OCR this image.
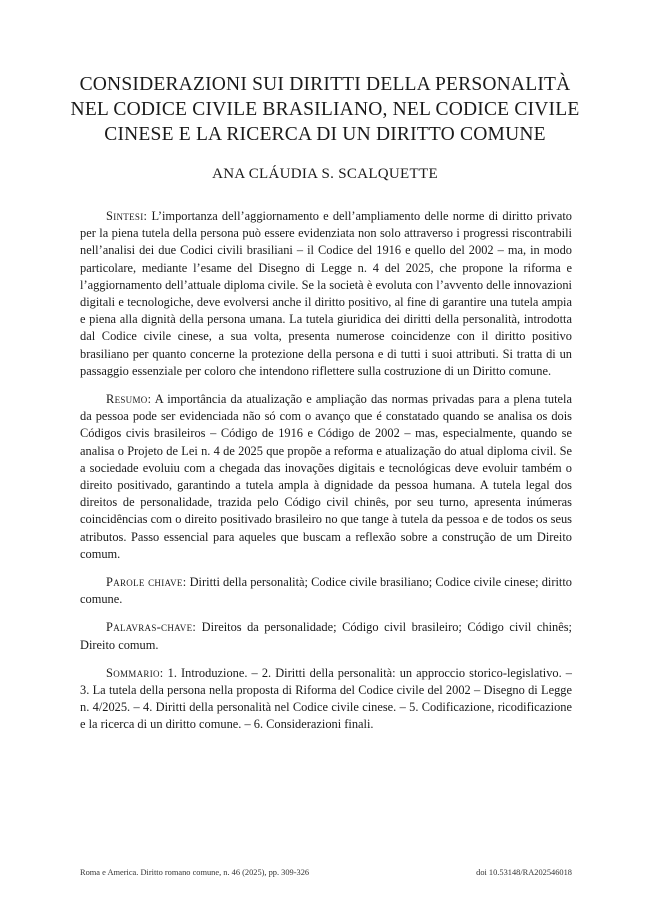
CONSIDERAZIONI SUI DIRITTI DELLA PERSONALITÀ NEL CODICE CIVILE BRASILIANO, NEL CODICE CIVILE CINESE E LA RICERCA DI UN DIRITTO COMUNE
ANA CLÁUDIA S. SCALQUETTE

Sintesi: L’importanza dell’aggiornamento e dell’ampliamento delle norme di diritto privato per la piena tutela della persona può essere evidenziata non solo attraverso i progressi riscontrabili nell’analisi dei due Codici civili brasiliani – il Codice del 1916 e quello del 2002 – ma, in modo particolare, mediante l’esame del Disegno di Legge n. 4 del 2025, che propone la riforma e l’aggiornamento dell’attuale diploma civile. Se la società è evoluta con l’avvento delle innovazioni digitali e tecnologiche, deve evolversi anche il diritto positivo, al fine di garantire una tutela ampia e piena alla dignità della persona umana. La tutela giuridica dei diritti della personalità, introdotta dal Codice civile cinese, a sua volta, presenta numerose coincidenze con il diritto positivo brasiliano per quanto concerne la protezione della persona e di tutti i suoi attributi. Si tratta di un passaggio essenziale per coloro che intendono riflettere sulla costruzione di un Diritto comune.

Resumo: A importância da atualização e ampliação das normas privadas para a plena tutela da pessoa pode ser evidenciada não só com o avanço que é constatado quando se analisa os dois Códigos civis brasileiros – Código de 1916 e Código de 2002 – mas, especialmente, quando se analisa o Projeto de Lei n. 4 de 2025 que propõe a reforma e atualização do atual diploma civil. Se a sociedade evoluiu com a chegada das inovações digitais e tecnológicas deve evoluir também o direito positivado, garantindo a tutela ampla à dignidade da pessoa humana. A tutela legal dos direitos de personalidade, trazida pelo Código civil chinês, por seu turno, apresenta inúmeras coincidências com o direito positivado brasileiro no que tange à tutela da pessoa e de todos os seus atributos. Passo essencial para aqueles que buscam a reflexão sobre a construção de um Direito comum.

Parole chiave: Diritti della personalità; Codice civile brasiliano; Codice civile cinese; diritto comune.

Palavras-chave: Direitos da personalidade; Código civil brasileiro; Código civil chinês; Direito comum.

Sommario: 1. Introduzione. – 2. Diritti della personalità: un approccio storico-legislativo. – 3. La tutela della persona nella proposta di Riforma del Codice civile del 2002 – Disegno di Legge n. 4/2025. – 4. Diritti della personalità nel Codice civile cinese. – 5. Codificazione, ricodificazione e la ricerca di un diritto comune. – 6. Considerazioni finali.

Roma e America. Diritto romano comune, n. 46 (2025), pp. 309-326	doi 10.53148/RA202546018
